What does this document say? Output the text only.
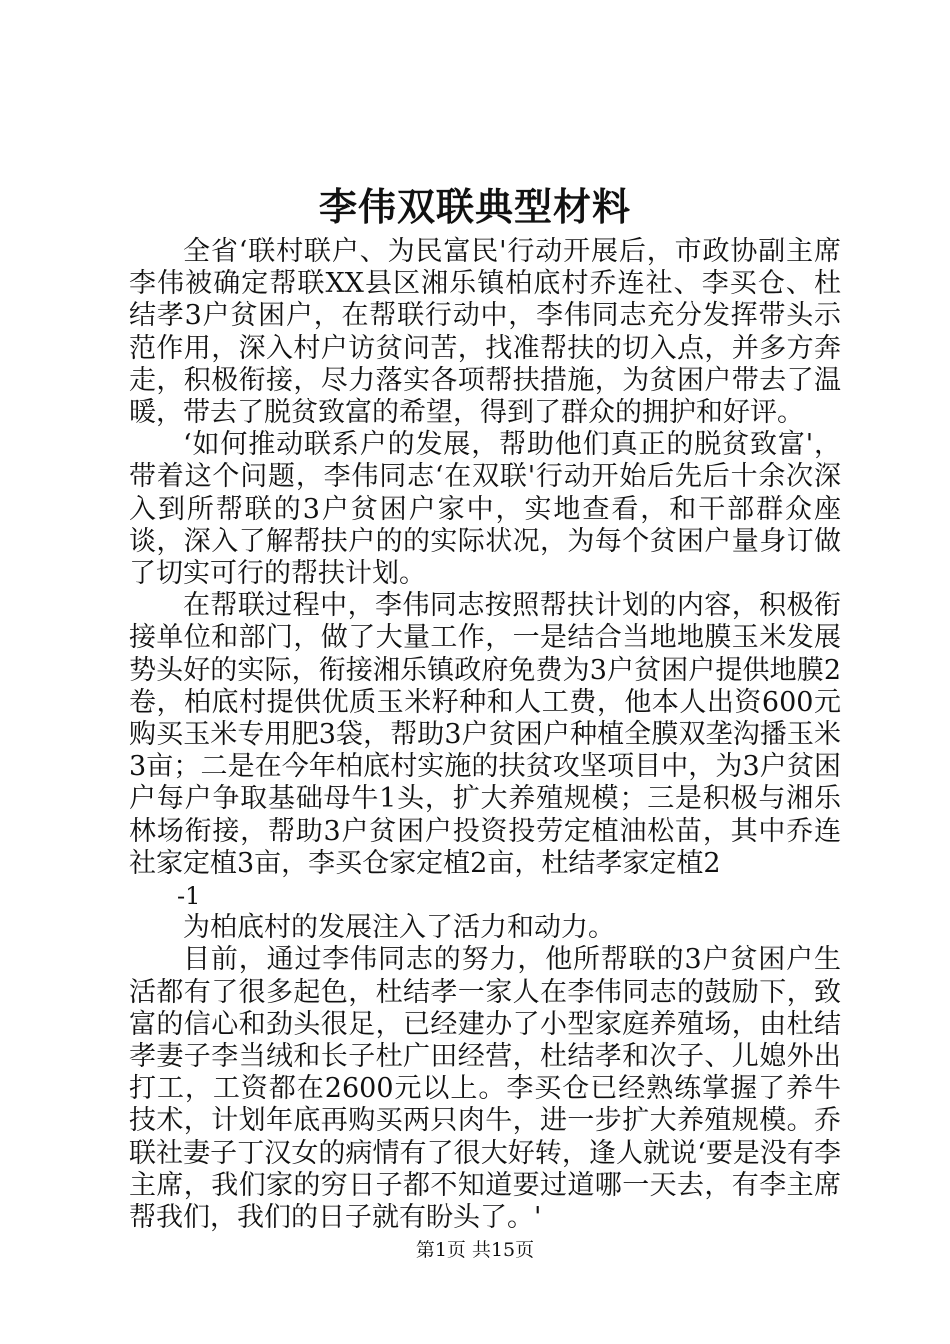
李伟双联典型材料

全省‘联村联户、为民富民'行动开展后，市政协副主席李伟被确定帮联XX县区湘乐镇柏底村乔连社、李买仓、杜结孝3户贫困户，在帮联行动中，李伟同志充分发挥带头示范作用，深入村户访贫问苦，找准帮扶的切入点，并多方奔走，积极衔接，尽力落实各项帮扶措施，为贫困户带去了温暖，带去了脱贫致富的希望，得到了群众的拥护和好评。

‘如何推动联系户的发展，帮助他们真正的脱贫致富'，带着这个问题，李伟同志‘在双联'行动开始后先后十余次深入到所帮联的3户贫困户家中，实地查看，和干部群众座谈，深入了解帮扶户的的实际状况，为每个贫困户量身订做了切实可行的帮扶计划。

在帮联过程中，李伟同志按照帮扶计划的内容，积极衔接单位和部门，做了大量工作，一是结合当地地膜玉米发展势头好的实际，衔接湘乐镇政府免费为3户贫困户提供地膜2卷，柏底村提供优质玉米籽种和人工费，他本人出资600元购买玉米专用肥3袋，帮助3户贫困户种植全膜双垄沟播玉米3亩；二是在今年柏底村实施的扶贫攻坚项目中，为3户贫困户每户争取基础母牛1头，扩大养殖规模；三是积极与湘乐林场衔接，帮助3户贫困户投资投劳定植油松苗，其中乔连社家定植3亩，李买仓家定植2亩，杜结孝家定植2

-1

为柏底村的发展注入了活力和动力。

目前，通过李伟同志的努力，他所帮联的3户贫困户生活都有了很多起色，杜结孝一家人在李伟同志的鼓励下，致富的信心和劲头很足，已经建办了小型家庭养殖场，由杜结孝妻子李当绒和长子杜广田经营，杜结孝和次子、儿媳外出打工，工资都在2600元以上。李买仓已经熟练掌握了养牛技术，计划年底再购买两只肉牛，进一步扩大养殖规模。乔联社妻子丁汉女的病情有了很大好转，逢人就说‘要是没有李主席，我们家的穷日子都不知道要过道哪一天去，有李主席帮我们，我们的日子就有盼头了。'

第1页 共15页
